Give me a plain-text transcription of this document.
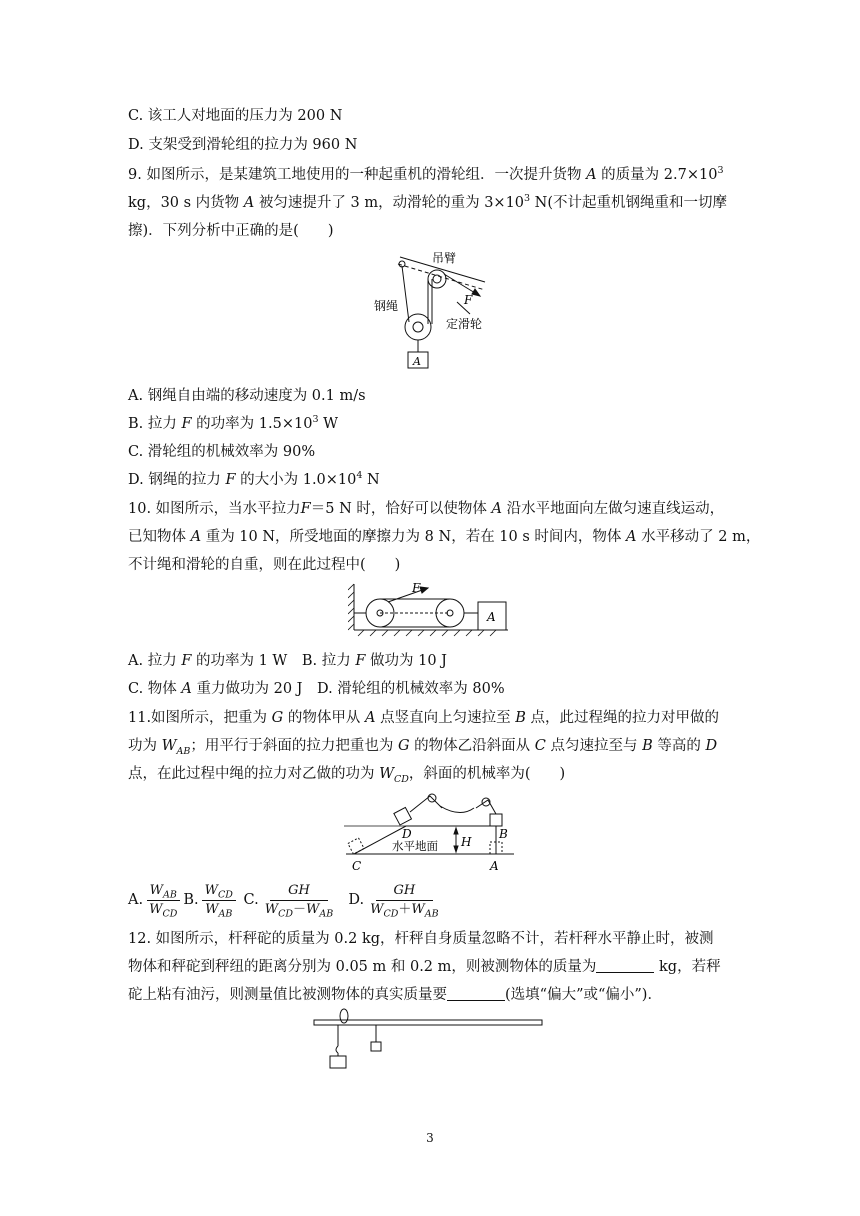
C. 该工人对地面的压力为 200 N
D. 支架受到滑轮组的拉力为 960 N
9. 如图所示，是某建筑工地使用的一种起重机的滑轮组．一次提升货物 A 的质量为 $2.7\times 10^3$
kg，30 s 内货物 A 被匀速提升了 3 m，动滑轮的重为 $3\times 10^3$ N(不计起重机钢绳重和一切摩
擦)．下列分析中正确的是(　　)
吊臂
钢绳
定滑轮
F
A
A. 钢绳自由端的移动速度为 0.1 m/s
B. 拉力 F 的功率为 $1.5\times 10^3$ W
C. 滑轮组的机械效率为 90%
D. 钢绳的拉力 F 的大小为 $1.0\times 10^4$ N
10. 如图所示，当水平拉力F＝5 N 时，恰好可以使物体 A 沿水平地面向左做匀速直线运动，
已知物体 A 重为 10 N，所受地面的摩擦力为 8 N，若在 10 s 时间内，物体 A 水平移动了 2 m，
不计绳和滑轮的自重，则在此过程中(　　)
F
A
A. 拉力 F 的功率为 1 W　B. 拉力 F 做功为 10 J
C. 物体 A 重力做功为 20 J　D. 滑轮组的机械效率为 80%
11.如图所示，把重为 G 的物体甲从 A 点竖直向上匀速拉至 B 点，此过程绳的拉力对甲做的
功为 $W_{AB}$；用平行于斜面的拉力把重也为 G 的物体乙沿斜面从 C 点匀速拉至与 B 等高的 D
点，在此过程中绳的拉力对乙做的功为 $W_{CD}$，斜面的机械率为(　　)
C
D	B
A
H
水平地面
A. $\frac{W_{AB}}{W_{CD}} B$. $\frac{W_{CD}}{W_{AB}} C$. $\frac{GH}{W_{CD}-W_{AB}} D$. $\frac{GH}{W_{CD}+W_{AB}}$
12. 如图所示，杆秤砣的质量为 0.2 kg，杆秤自身质量忽略不计，若杆秤水平静止时，被测
物体和秤砣到秤纽的距离分别为 0.05 m 和 0.2 m，则被测物体的质量为	kg，若秤
砣上粘有油污，则测量值比被测物体的真实质量要	(选填“偏大”或“偏小”)．
3
